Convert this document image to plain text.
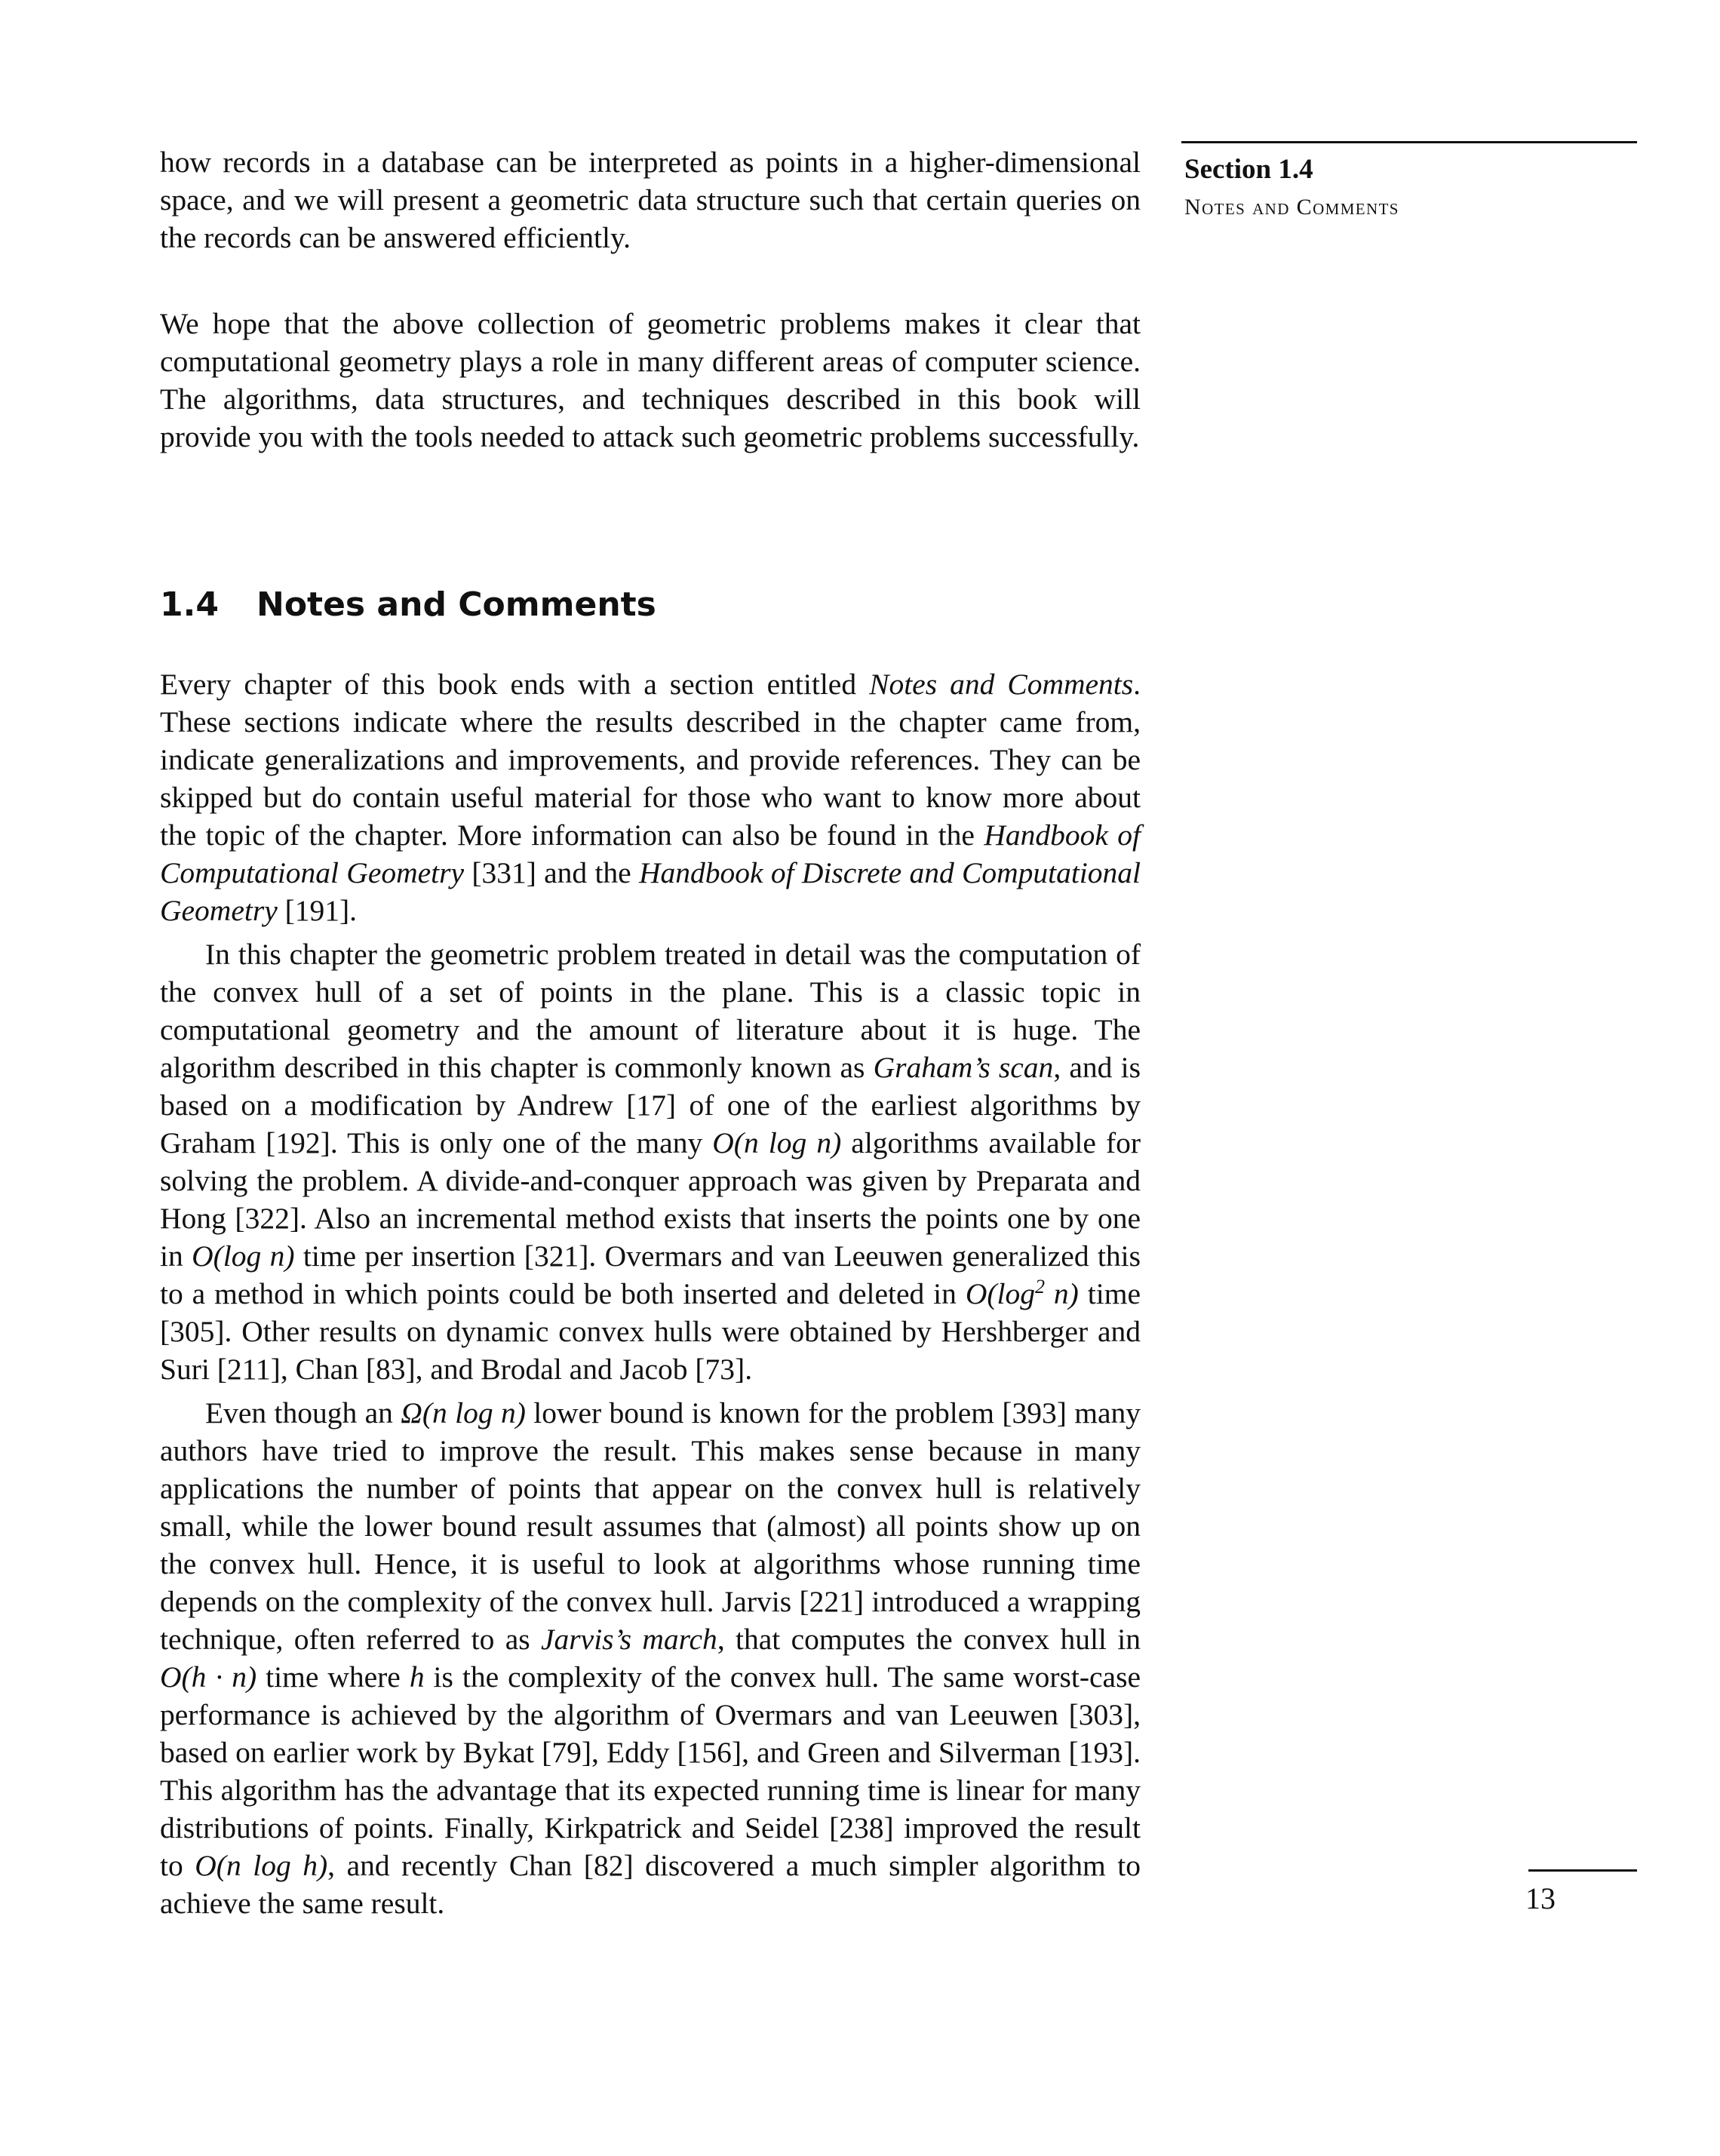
Section 1.4
Notes and Comments

how records in a database can be interpreted as points in a higher-dimensional space, and we will present a geometric data structure such that certain queries on the records can be answered efficiently.

We hope that the above collection of geometric problems makes it clear that computational geometry plays a role in many different areas of computer science. The algorithms, data structures, and techniques described in this book will provide you with the tools needed to attack such geometric problems successfully.

1.4 Notes and Comments

Every chapter of this book ends with a section entitled Notes and Comments. These sections indicate where the results described in the chapter came from, indicate generalizations and improvements, and provide references. They can be skipped but do contain useful material for those who want to know more about the topic of the chapter. More information can also be found in the Handbook of Computational Geometry [331] and the Handbook of Discrete and Computational Geometry [191].

In this chapter the geometric problem treated in detail was the computation of the convex hull of a set of points in the plane. This is a classic topic in computational geometry and the amount of literature about it is huge. The algorithm described in this chapter is commonly known as Graham’s scan, and is based on a modification by Andrew [17] of one of the earliest algorithms by Graham [192]. This is only one of the many O(n log n) algorithms available for solving the problem. A divide-and-conquer approach was given by Preparata and Hong [322]. Also an incremental method exists that inserts the points one by one in O(log n) time per insertion [321]. Overmars and van Leeuwen generalized this to a method in which points could be both inserted and deleted in $O(\log^2$ n) time [305]. Other results on dynamic convex hulls were obtained by Hershberger and Suri [211], Chan [83], and Brodal and Jacob [73].

Even though an Ω(n log n) lower bound is known for the problem [393] many authors have tried to improve the result. This makes sense because in many applications the number of points that appear on the convex hull is relatively small, while the lower bound result assumes that (almost) all points show up on the convex hull. Hence, it is useful to look at algorithms whose running time depends on the complexity of the convex hull. Jarvis [221] introduced a wrapping technique, often referred to as Jarvis’s march, that computes the convex hull in O(h · n) time where h is the complexity of the convex hull. The same worst-case performance is achieved by the algorithm of Overmars and van Leeuwen [303], based on earlier work by Bykat [79], Eddy [156], and Green and Silverman [193]. This algorithm has the advantage that its expected running time is linear for many distributions of points. Finally, Kirkpatrick and Seidel [238] improved the result to O(n log h), and recently Chan [82] discovered a much simpler algorithm to achieve the same result.	13
